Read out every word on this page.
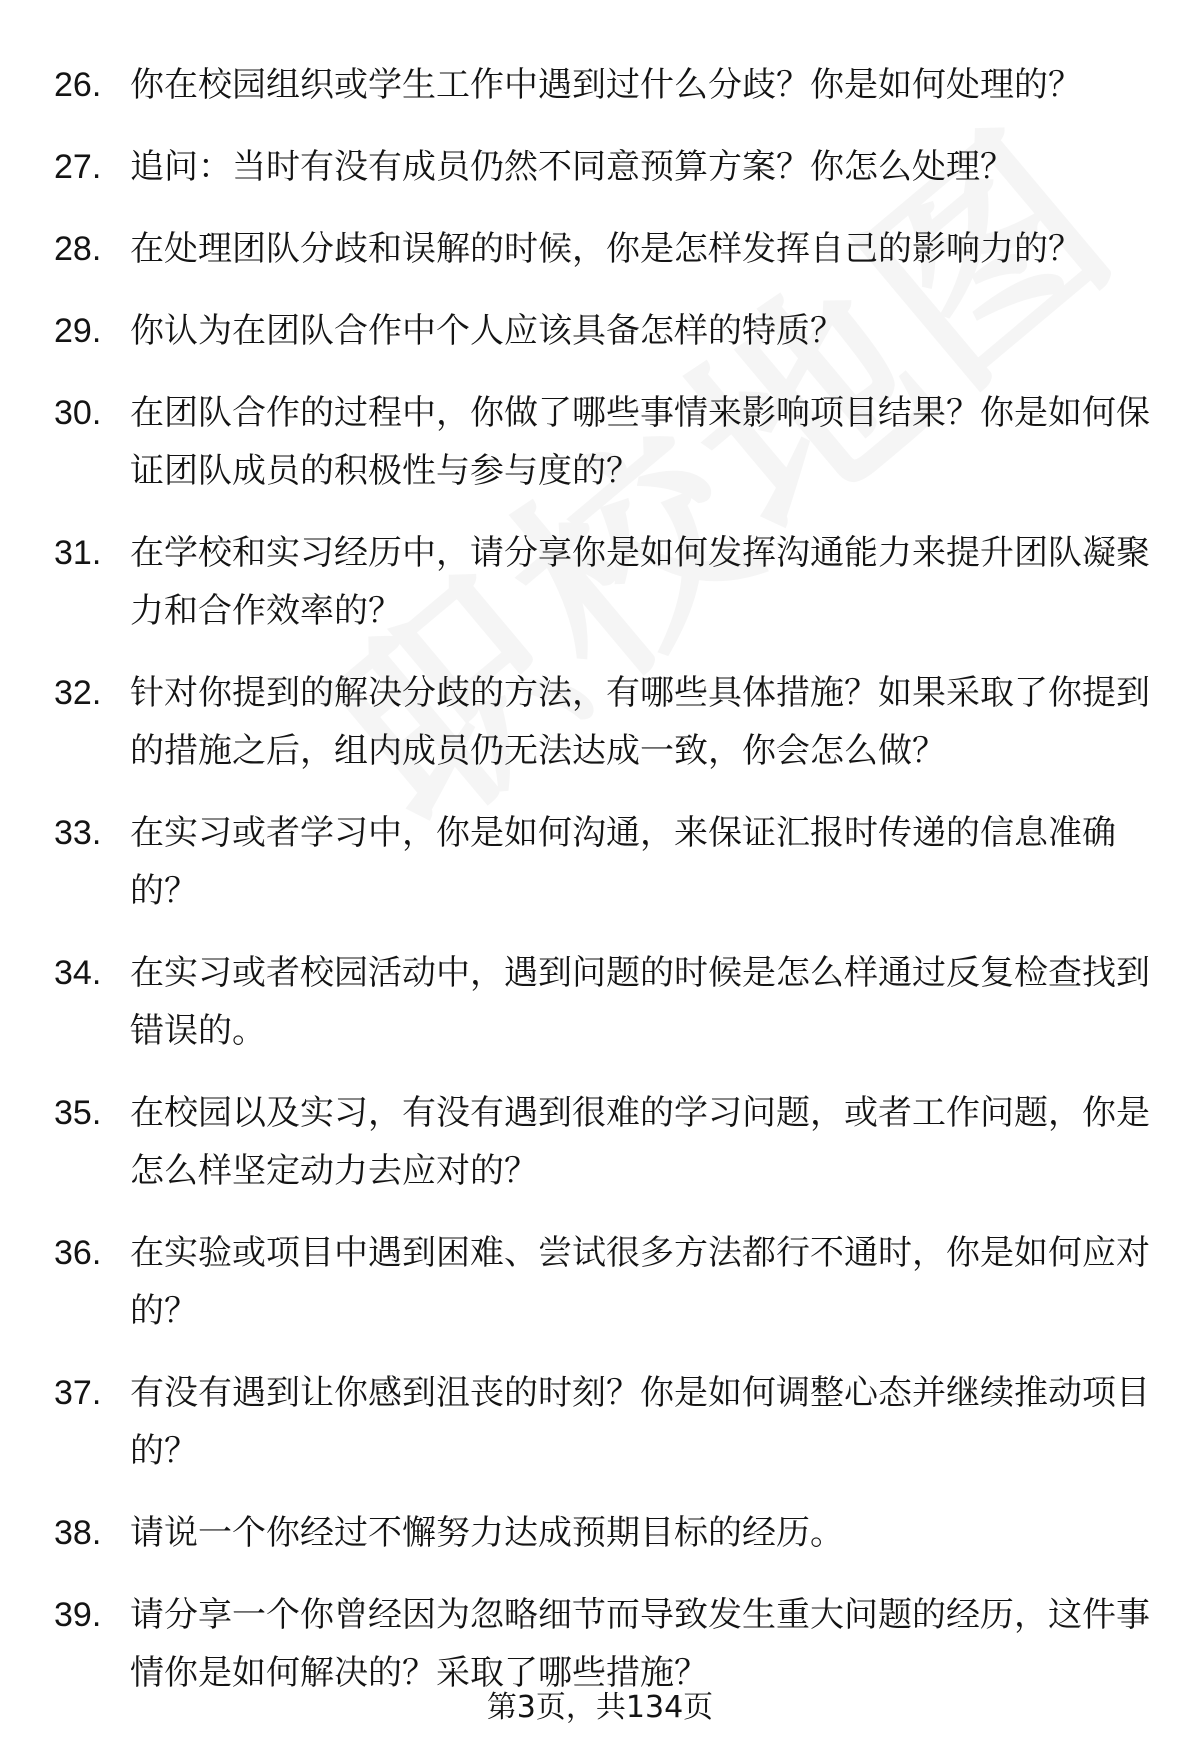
26. 你在校园组织或学生工作中遇到过什么分歧？你是如何处理的？
27. 追问：当时有没有成员仍然不同意预算方案？你怎么处理？
28. 在处理团队分歧和误解的时候，你是怎样发挥自己的影响力的？
29. 你认为在团队合作中个人应该具备怎样的特质？
30. 在团队合作的过程中，你做了哪些事情来影响项目结果？你是如何保证团队成员的积极性与参与度的？
31. 在学校和实习经历中，请分享你是如何发挥沟通能力来提升团队凝聚力和合作效率的？
32. 针对你提到的解决分歧的方法，有哪些具体措施？如果采取了你提到的措施之后，组内成员仍无法达成一致，你会怎么做？
33. 在实习或者学习中，你是如何沟通，来保证汇报时传递的信息准确的？
34. 在实习或者校园活动中，遇到问题的时候是怎么样通过反复检查找到错误的。
35. 在校园以及实习，有没有遇到很难的学习问题，或者工作问题，你是怎么样坚定动力去应对的？
36. 在实验或项目中遇到困难、尝试很多方法都行不通时，你是如何应对的？
37. 有没有遇到让你感到沮丧的时刻？你是如何调整心态并继续推动项目的？
38. 请说一个你经过不懈努力达成预期目标的经历。
39. 请分享一个你曾经因为忽略细节而导致发生重大问题的经历，这件事情你是如何解决的？采取了哪些措施？
第3页，共134页
